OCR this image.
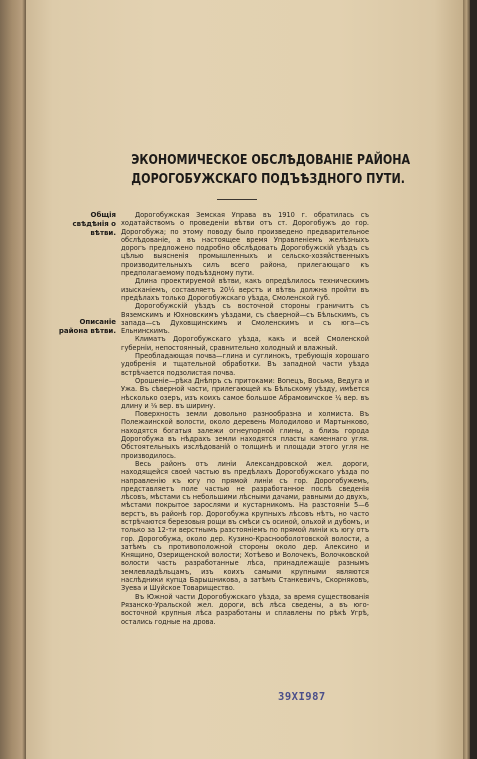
ЭКОНОМИЧЕСКОЕ ОБСЛѢДОВАНІЕ РАЙОНА
ДОРОГОБУЖСКАГО ПОДЪѢЗДНОГО ПУТИ.
Общія свѣдѣнія о вѣтви.
Описаніе района вѣтви.

Дорогобужская Земская Управа въ 1910 г. обратилась съ ходатайствомъ о проведеніи вѣтви отъ ст. Дорогобужъ до гор. Дорогобужа; по этому поводу было произведено предварительное обслѣдованіе, а въ настоящее время Управленіемъ желѣзныхъ дорогъ предложено подробно обслѣдовать Дорогобужскій уѣздъ съ цѣлью выясненія промышленныхъ и сельско-хозяйственныхъ производительныхъ силъ всего района, прилегающаго къ предполагаемому подъѣздному пути.

Длина проектируемой вѣтви, какъ опредѣлилось техническимъ изысканіемъ, составляетъ 20½ верстъ и вѣтвь должна пройти въ предѣлахъ только Дорогобужскаго уѣзда, Смоленской губ.

Дорогобужскій уѣздъ съ восточной стороны граничитъ съ Вяземскимъ и Юхновскимъ уѣздами, съ сѣверной—съ Бѣльскимъ, съ запада—съ Духовщинскимъ и Смоленскимъ и съ юга—съ Ельнинскимъ.

Климатъ Дорогобужскаго уѣзда, какъ и всей Смоленской губерніи, непостоянный, сравнительно холодный и влажный.

Преобладающая почва—глина и суглинокъ, требующія хорошаго удобренія и тщательной обработки. Въ западной части уѣзда встрѣчается подзолистая почва.

Орошеніе—рѣка Днѣпръ съ притоками: Вопецъ, Восьма, Ведуга и Ужа. Въ сѣверной части, прилегающей къ Бѣльскому уѣзду, имѣется нѣсколько озеръ, изъ коихъ самое большое Абрамовичское ¼ вер. въ длину и ⅛ вер. въ ширину.

Поверхность земли довольно разнообразна и холмиста. Въ Полежаинской волости, около деревень Молодилово и Мартынково, находятся богатыя залежи огнеупорной глины, а близь города Дорогобужа въ нѣдрахъ земли находятся пласты каменнаго угля. Обстоятельныхъ изслѣдованій о толщинѣ и площади этого угля не производилось.

Весь районъ отъ линіи Александровской жел. дороги, находящейся своей частью въ предѣлахъ Дорогобужскаго уѣзда по направленію къ югу по прямой линіи съ гор. Дорогобужемъ, представляетъ поле частью не разработанное послѣ сведенія лѣсовъ, мѣстами съ небольшими лѣсными дачами, равными до двухъ, мѣстами покрытое зарослями и кустарникомъ. На разстояніи 5—6 верстъ, въ районѣ гор. Дорогобужа крупныхъ лѣсовъ нѣтъ, но часто встрѣчаются березовыя рощи въ смѣси съ осиной, ольхой и дубомъ, и только за 12-ти верстнымъ разстояніемъ по прямой линіи къ югу отъ гор. Дорогобужа, около дер. Кузино-Краснооболотовской волости, а затѣмъ съ противоположной стороны около дер. Алексино и Княщино, Озерищенской волости; Хотѣево и Волочекъ, Волочковской волости часть разработанные лѣса, принадлежащіе разнымъ землевладѣльцамъ, изъ коихъ самыми крупными являются наслѣдники купца Барышникова, а затѣмъ Станкевичъ, Скорняковъ, Зуева и Шуйское Товарищество.

Въ Южной части Дорогобужскаго уѣзда, за время существованія Рязанско-Уральской жел. дороги, всѣ лѣса сведены, а въ юго-восточной крупныя лѣса разработаны и сплавлены по рѣкѣ Угрѣ, остались годные на дрова.

39ХI987
